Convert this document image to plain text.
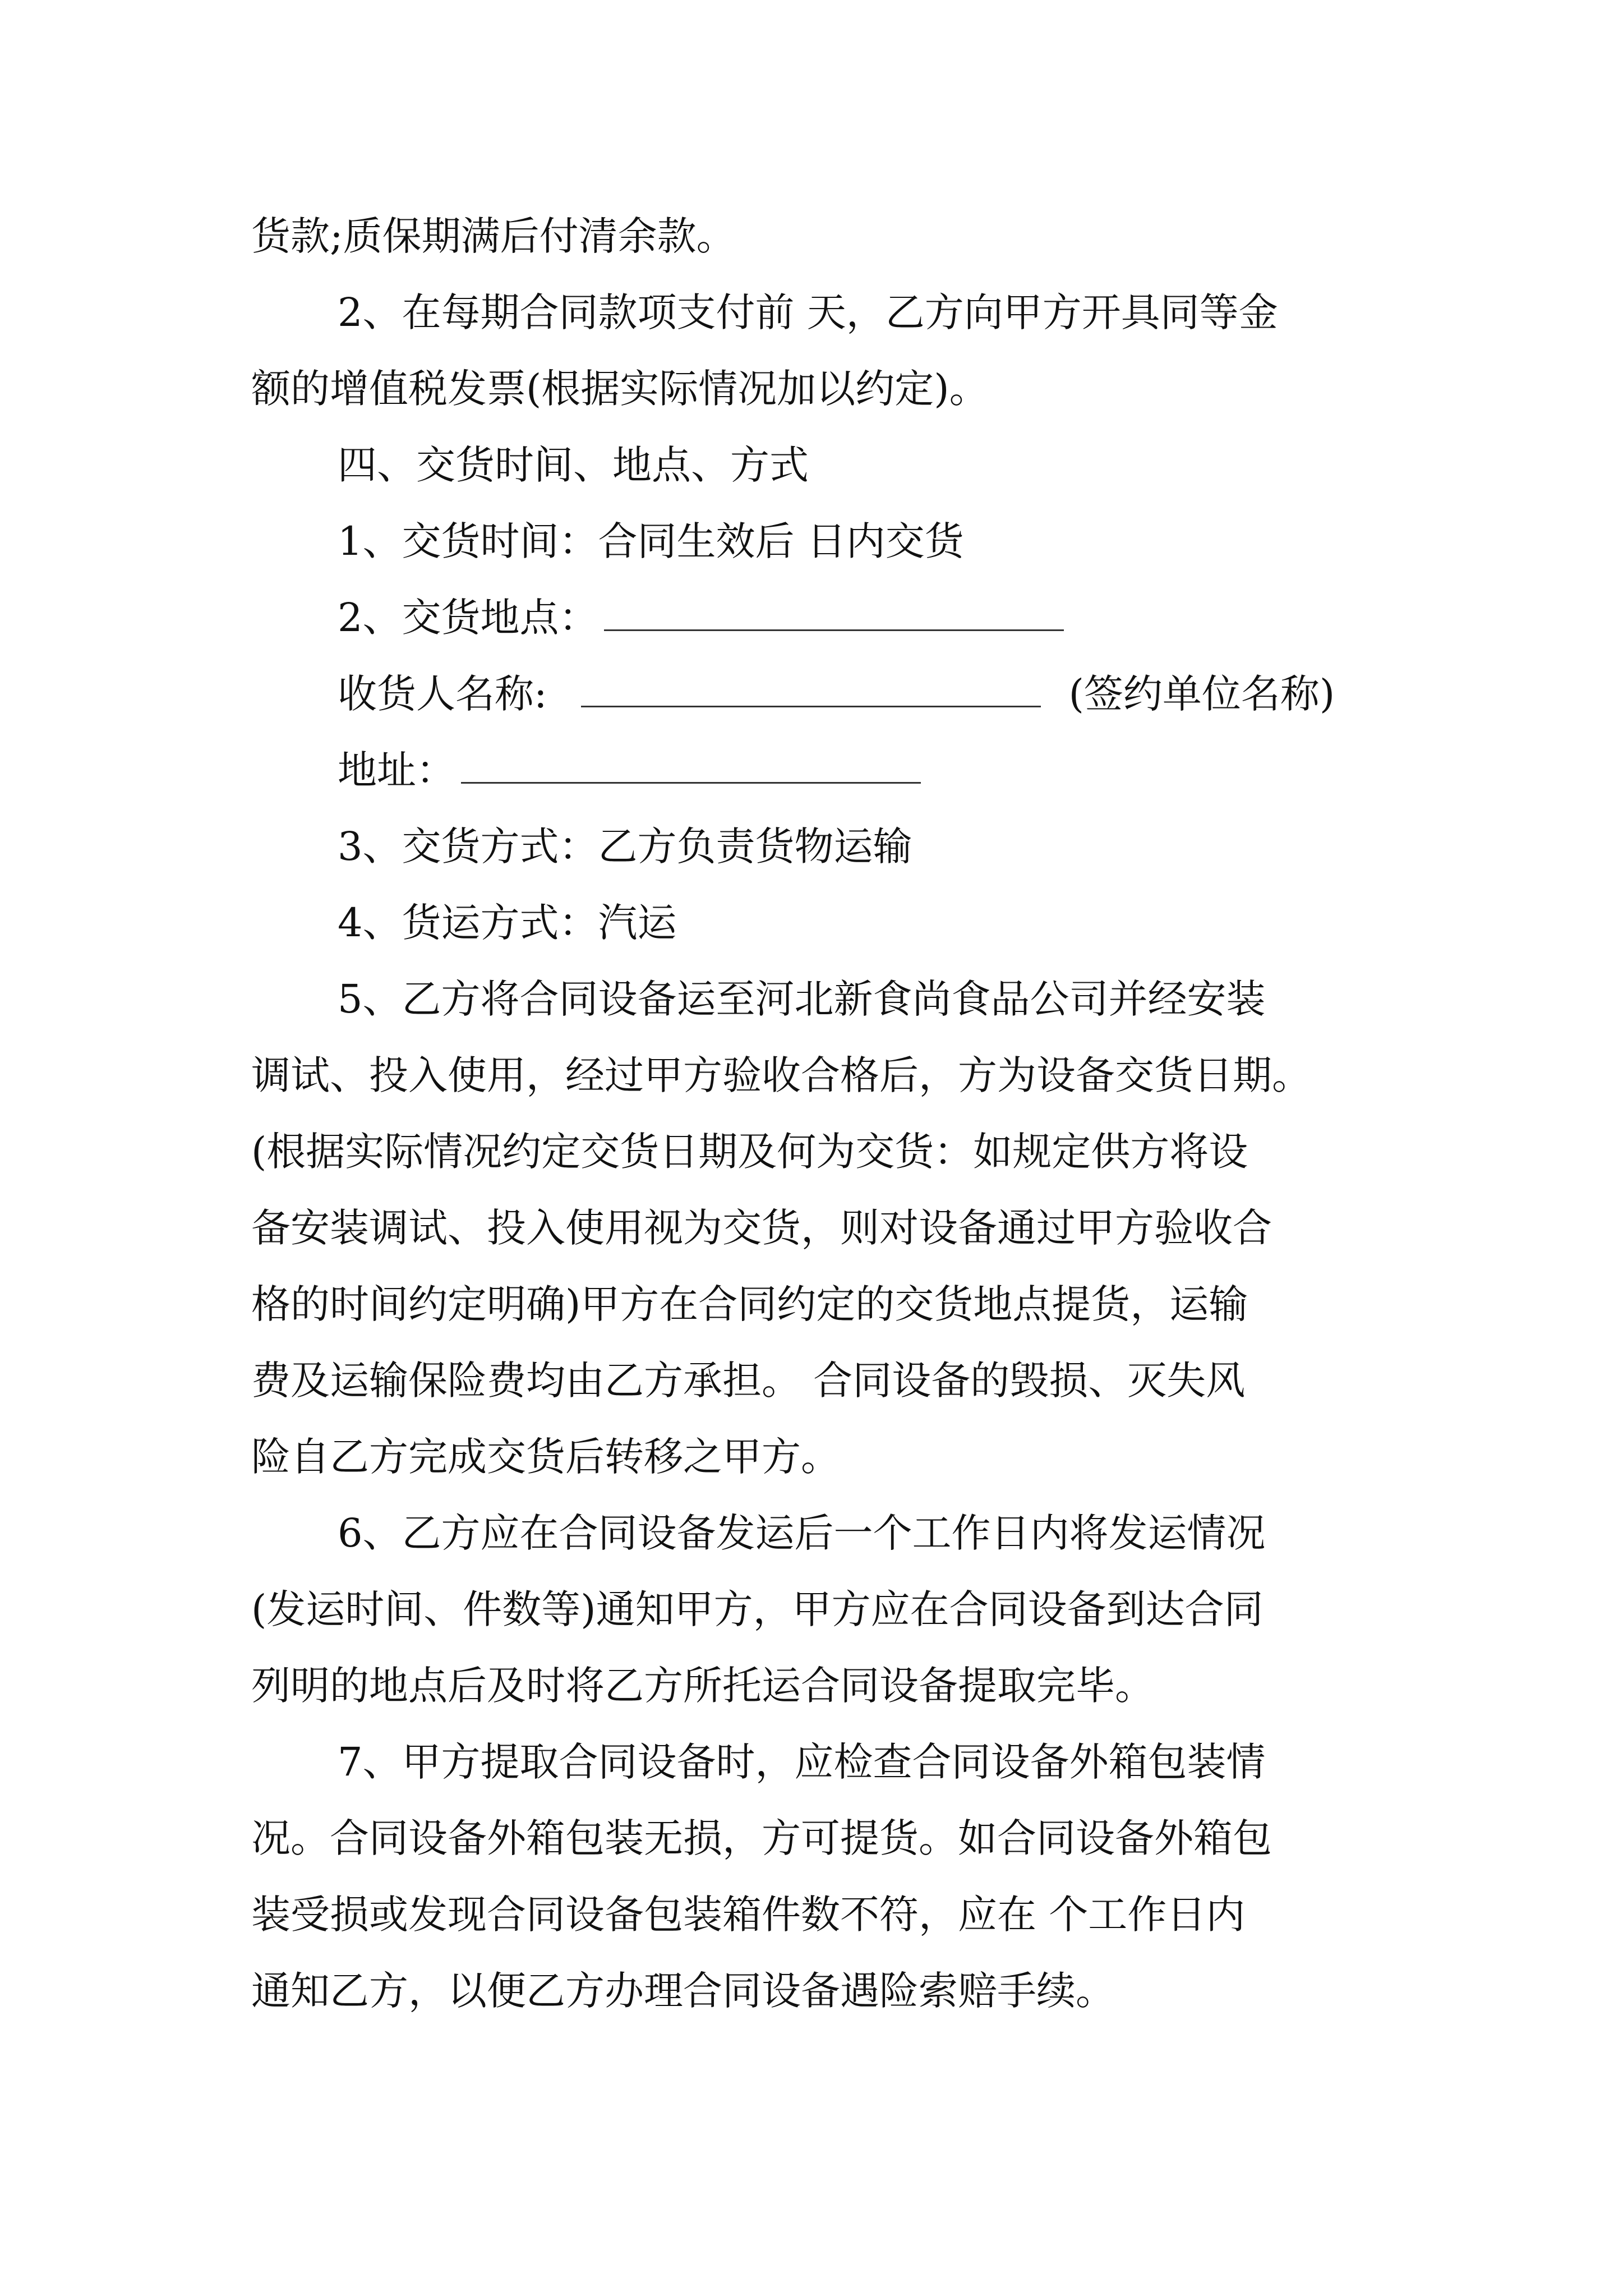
货款;质保期满后付清余款。
2、在每期合同款项支付前 天，乙方向甲方开具同等金
额的增值税发票(根据实际情况加以约定)。
四、交货时间、地点、方式
1、交货时间：合同生效后 日内交货
2、交货地点：
收货人名称:	(签约单位名称)
地址：
3、交货方式：乙方负责货物运输
4、货运方式：汽运
5、乙方将合同设备运至河北新食尚食品公司并经安装
调试、投入使用，经过甲方验收合格后，方为设备交货日期。
(根据实际情况约定交货日期及何为交货：如规定供方将设
备安装调试、投入使用视为交货，则对设备通过甲方验收合
格的时间约定明确)甲方在合同约定的交货地点提货，运输
费及运输保险费均由乙方承担。 合同设备的毁损、灭失风
险自乙方完成交货后转移之甲方。
6、乙方应在合同设备发运后一个工作日内将发运情况
(发运时间、件数等)通知甲方，甲方应在合同设备到达合同
列明的地点后及时将乙方所托运合同设备提取完毕。
7、甲方提取合同设备时，应检查合同设备外箱包装情
况。合同设备外箱包装无损，方可提货。如合同设备外箱包
装受损或发现合同设备包装箱件数不符，应在 个工作日内
通知乙方，以便乙方办理合同设备遇险索赔手续。
